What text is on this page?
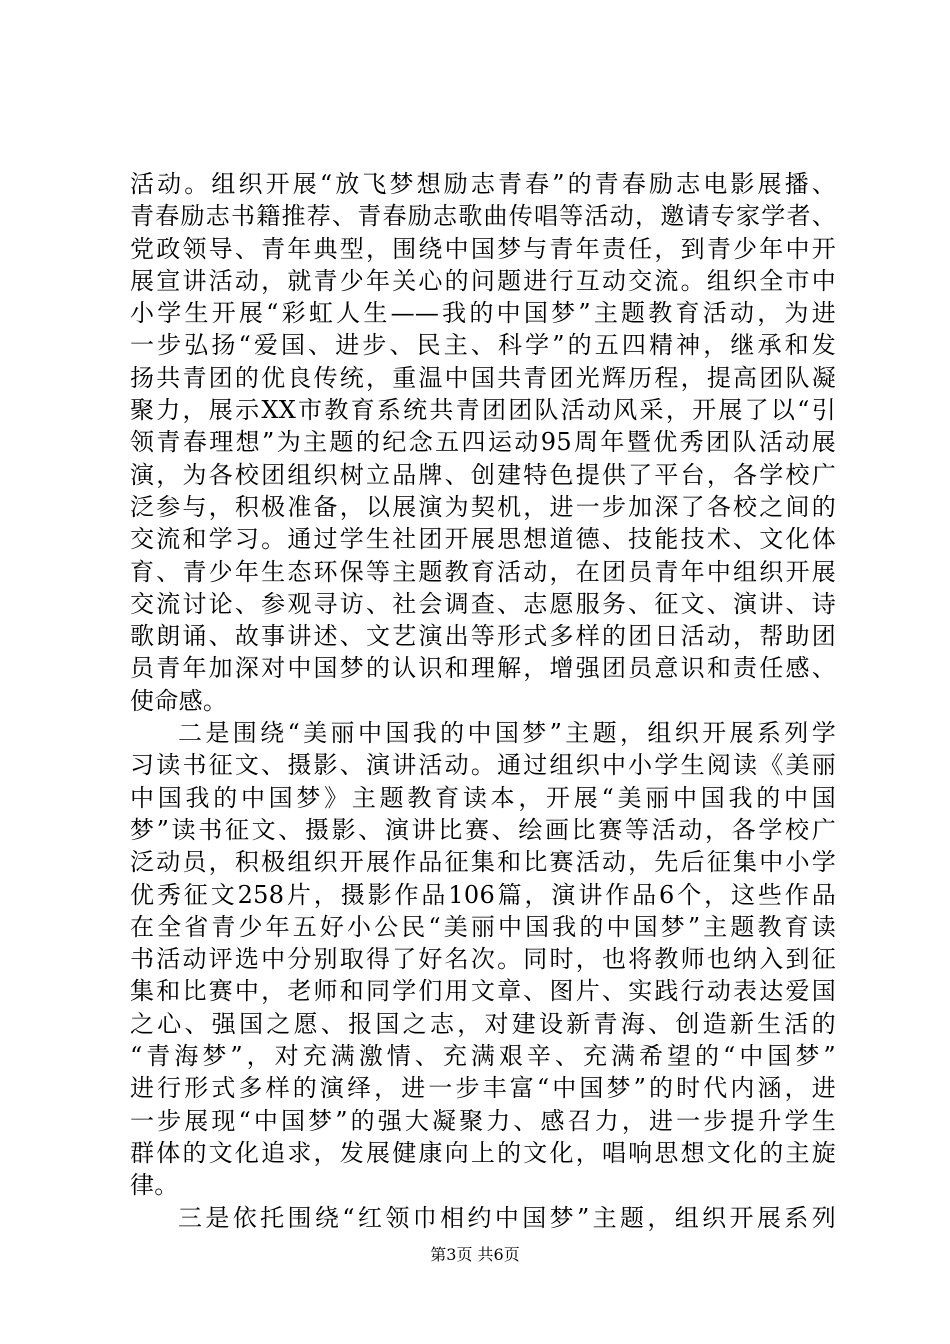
活动。组织开展“放飞梦想励志青春”的青春励志电影展播、
青春励志书籍推荐、青春励志歌曲传唱等活动，邀请专家学者、
党政领导、青年典型，围绕中国梦与青年责任，到青少年中开
展宣讲活动，就青少年关心的问题进行互动交流。组织全市中
小学生开展“彩虹人生——我的中国梦”主题教育活动，为进
一步弘扬“爱国、进步、民主、科学”的五四精神，继承和发
扬共青团的优良传统，重温中国共青团光辉历程，提高团队凝
聚力，展示XX市教育系统共青团团队活动风采，开展了以“引
领青春理想”为主题的纪念五四运动95周年暨优秀团队活动展
演，为各校团组织树立品牌、创建特色提供了平台，各学校广
泛参与，积极准备，以展演为契机，进一步加深了各校之间的
交流和学习。通过学生社团开展思想道德、技能技术、文化体
育、青少年生态环保等主题教育活动，在团员青年中组织开展
交流讨论、参观寻访、社会调查、志愿服务、征文、演讲、诗
歌朗诵、故事讲述、文艺演出等形式多样的团日活动，帮助团
员青年加深对中国梦的认识和理解，增强团员意识和责任感、
使命感。
二是围绕“美丽中国我的中国梦”主题，组织开展系列学
习读书征文、摄影、演讲活动。通过组织中小学生阅读《美丽
中国我的中国梦》主题教育读本，开展“美丽中国我的中国
梦”读书征文、摄影、演讲比赛、绘画比赛等活动，各学校广
泛动员，积极组织开展作品征集和比赛活动，先后征集中小学
优秀征文258片，摄影作品106篇，演讲作品6个，这些作品
在全省青少年五好小公民“美丽中国我的中国梦”主题教育读
书活动评选中分别取得了好名次。同时，也将教师也纳入到征
集和比赛中，老师和同学们用文章、图片、实践行动表达爱国
之心、强国之愿、报国之志，对建设新青海、创造新生活的
“青海梦”，对充满激情、充满艰辛、充满希望的“中国梦”
进行形式多样的演绎，进一步丰富“中国梦”的时代内涵，进
一步展现“中国梦”的强大凝聚力、感召力，进一步提升学生
群体的文化追求，发展健康向上的文化，唱响思想文化的主旋
律。
三是依托围绕“红领巾相约中国梦”主题，组织开展系列
第3页 共6页
